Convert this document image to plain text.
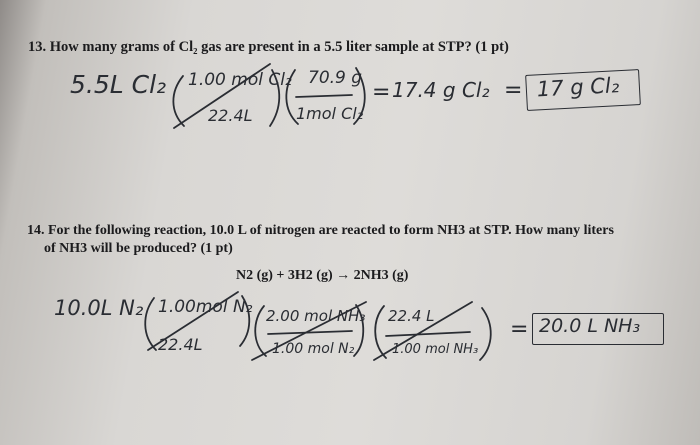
13. How many grams of Cl₂ gas are present in a 5.5 liter sample at STP? (1 pt)
5.5L Cl₂ 1.00 mol Cl₂
22.4L
70.9 g
1mol Cl₂
= 17.4 g Cl₂ = 17 g Cl₂
14. For the following reaction, 10.0 L of nitrogen are reacted to form NH3 at STP. How many liters
of NH3 will be produced? (1 pt)
N2 (g) + 3H2 (g) → 2NH3 (g)
10.0L N₂ 1.00mol N₂
22.4L
2.00 mol NH₃
1.00 mol N₂
22.4 L
1.00 mol NH₃
= 20.0 L NH₃
